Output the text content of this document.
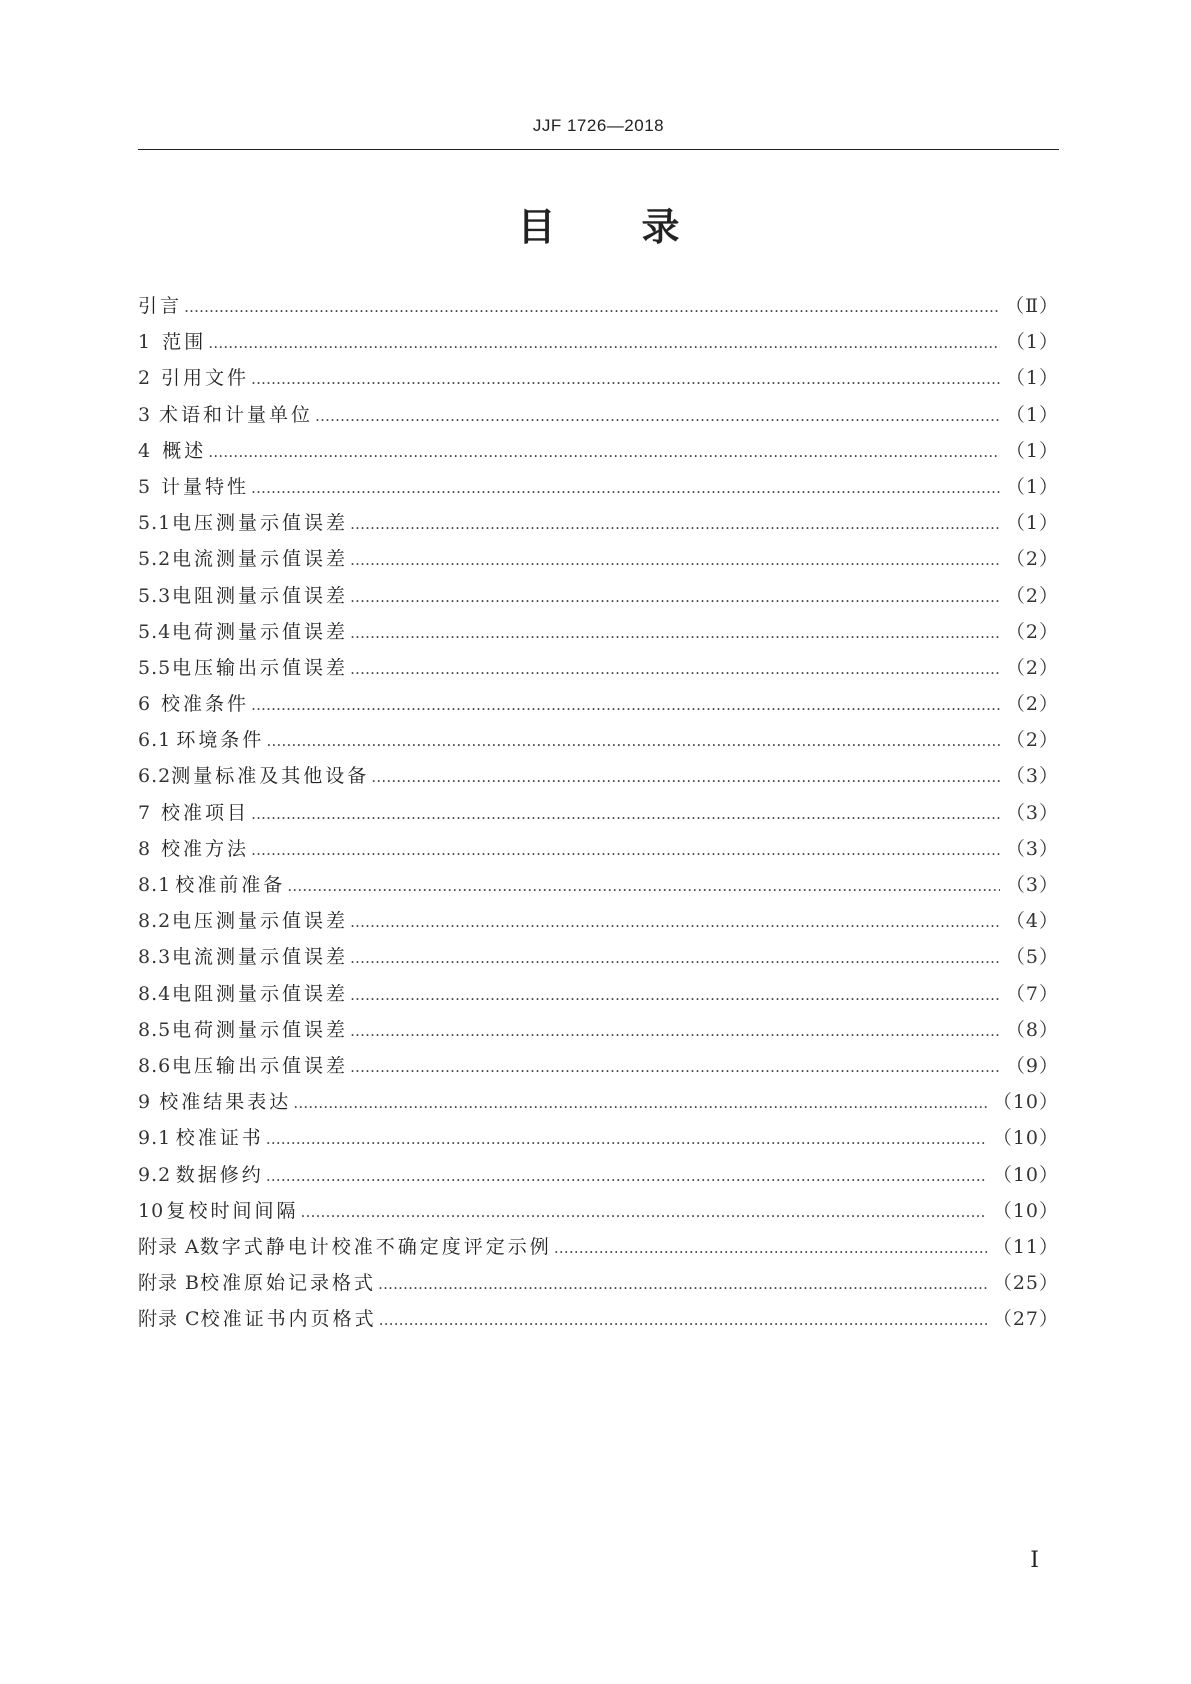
JJF 1726—2018
目 录
引言 ……………………………………………………………………………………………………………………………………………………………………………………………………	（Ⅱ）
1 范围 ……………………………………………………………………………………………………………………………………………………………………………………………………	（1）
2 引用文件 ……………………………………………………………………………………………………………………………………………………………………………………………………	（1）
3 术语和计量单位 ……………………………………………………………………………………………………………………………………………………………………………………………………	（1）
4 概述 ……………………………………………………………………………………………………………………………………………………………………………………………………	（1）
5 计量特性 ……………………………………………………………………………………………………………………………………………………………………………………………………	（1）
5.1 电压测量示值误差 ……………………………………………………………………………………………………………………………………………………………………………………………………	（1）
5.2 电流测量示值误差 ……………………………………………………………………………………………………………………………………………………………………………………………………	（2）
5.3 电阻测量示值误差 ……………………………………………………………………………………………………………………………………………………………………………………………………	（2）
5.4 电荷测量示值误差 ……………………………………………………………………………………………………………………………………………………………………………………………………	（2）
5.5 电压输出示值误差 ……………………………………………………………………………………………………………………………………………………………………………………………………	（2）
6 校准条件 ……………………………………………………………………………………………………………………………………………………………………………………………………	（2）
6.1 环境条件 ……………………………………………………………………………………………………………………………………………………………………………………………………	（2）
6.2 测量标准及其他设备 ……………………………………………………………………………………………………………………………………………………………………………………………………	（3）
7 校准项目 ……………………………………………………………………………………………………………………………………………………………………………………………………	（3）
8 校准方法 ……………………………………………………………………………………………………………………………………………………………………………………………………	（3）
8.1 校准前准备 ……………………………………………………………………………………………………………………………………………………………………………………………………	（3）
8.2 电压测量示值误差 ……………………………………………………………………………………………………………………………………………………………………………………………………	（4）
8.3 电流测量示值误差 ……………………………………………………………………………………………………………………………………………………………………………………………………	（5）
8.4 电阻测量示值误差 ……………………………………………………………………………………………………………………………………………………………………………………………………	（7）
8.5 电荷测量示值误差 ……………………………………………………………………………………………………………………………………………………………………………………………………	（8）
8.6 电压输出示值误差 ……………………………………………………………………………………………………………………………………………………………………………………………………	（9）
9 校准结果表达 ……………………………………………………………………………………………………………………………………………………………………………………………………	（10）
9.1 校准证书 ……………………………………………………………………………………………………………………………………………………………………………………………………	（10）
9.2 数据修约 ……………………………………………………………………………………………………………………………………………………………………………………………………	（10）
10 复校时间间隔 ……………………………………………………………………………………………………………………………………………………………………………………………………	（10）
附录 A 数字式静电计校准不确定度评定示例 ……………………………………………………………………………………………………………………………………………………………………………………………………	（11）
附录 B 校准原始记录格式 ……………………………………………………………………………………………………………………………………………………………………………………………………	（25）
附录 C 校准证书内页格式 ……………………………………………………………………………………………………………………………………………………………………………………………………	（27）
I
